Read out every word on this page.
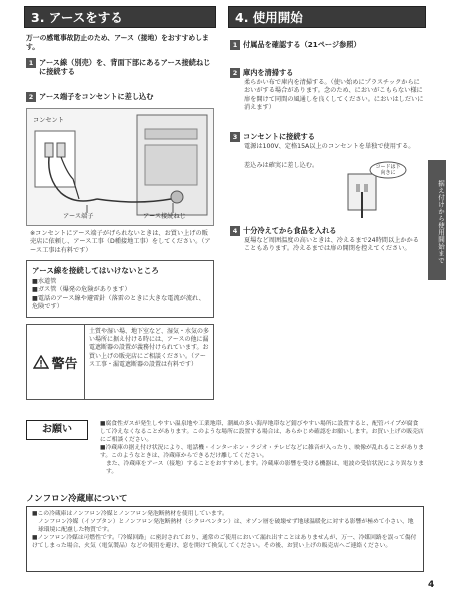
3. アースをする	4. 使用開始
万一の感電事故防止のため、アース（接地）をおすすめします。
1 アース線（別売）を、背面下部にあるアース接続ねじに接続する
2 アース端子をコンセントに差し込む
コンセント
アース端子	アース接続ねじ
※コンセントにアース端子がげられないときは、お買い上げの販売店に依頼し、アース工事（D種接地工事）をしてください。（アース工事は有料です）
アース線を接続してはいけないところ
■水道管
■ガス管（爆発の危険があります）
■電話のアース線や避雷針（落雷のときに大きな電流が流れ、危険です）
警告
土質や湿い場、地下室など、湿気・水気の多い場所に据え付ける時には、アースの他に漏電遮断器の設置が義務付けられています。お買い上げの販売店にご相談ください。（アース工事・漏電遮断器の設置は有料です）
1 付属品を確認する（21ページ参照）
2 庫内を清掃する
柔らかい布で庫内を清掃する。（使い始めにプラスチックからにおいがする場合があります。念のため、においがこもらない様に扉を開けて同間の風通しを良くしてください。においはしだいに消えます）
3 コンセントに接続する
電源は100V、定格15A以上のコンセントを単独で使用する。
差込みは確実に差し込む。	コードは下向きに
4 十分冷えてから食品を入れる
夏場など周囲温度の高いときは、冷えるまで24時間以上かかることもあります。冷えるまでは扉の開閉を控えてください。	据え付けから使用開始まで
お願い	■腐食性ガスが発生しやすい温泉地や工業地帯、潮風の多い海岸地帯など錆びやすい場所に設置すると、配管パイプが腐食して冷えなくなることがあります。このような場所に設置する場合は、あらかじめ確認をお願いします。お買い上げの販売店にご相談ください。
■冷蔵庫の据え付け状況により、電話機・インターホン・ラジオ・テレビなどに雑音が入ったり、映像が乱れることがあります。このようなときは、冷蔵庫からできるだけ離してください。
また、冷蔵庫をアース（接地）することをおすすめします。冷蔵庫の影響を受ける機器は、電波の受信状況により異なります。
ノンフロン冷蔵庫について
■この冷蔵庫はノンフロン冷媒とノンフロン発泡断熱材を使用しています。
ノンフロン冷媒（イソブタン）とノンフロン発泡断熱材（シクロペンタン）は、オゾン層を破壊せず地球温暖化に対する影響が極めて小さい、地球環境に配慮した物質です。
■ノンフロン冷媒は可燃性です。「冷媒回路」に密封されており、通常のご使用において漏れ出すことはありませんが、万一、冷媒回路を誤って傷付けてしまった場合、火気（電気製品）などの使用を避け、窓を開けて換気してください。その後、お買い上げの販売店へご連絡ください。
4
